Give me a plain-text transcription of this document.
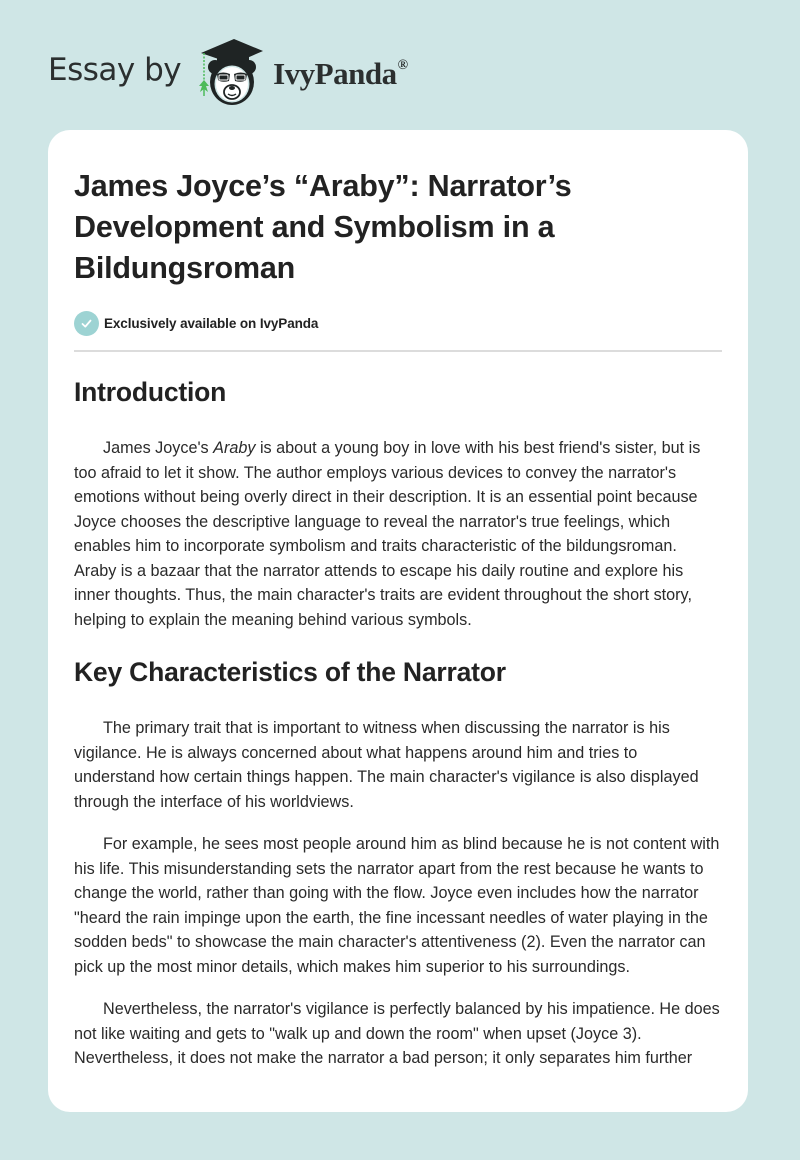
Essay by	IvyPanda®
James Joyce’s “Araby”: Narrator’s Development and Symbolism in a Bildungsroman
Exclusively available on IvyPanda
Introduction

James Joyce's Araby is about a young boy in love with his best friend's sister, but is too afraid to let it show. The author employs various devices to convey the narrator's emotions without being overly direct in their description. It is an essential point because Joyce chooses the descriptive language to reveal the narrator's true feelings, which enables him to incorporate symbolism and traits characteristic of the bildungsroman. Araby is a bazaar that the narrator attends to escape his daily routine and explore his inner thoughts. Thus, the main character's traits are evident throughout the short story, helping to explain the meaning behind various symbols.

Key Characteristics of the Narrator

The primary trait that is important to witness when discussing the narrator is his vigilance. He is always concerned about what happens around him and tries to understand how certain things happen. The main character's vigilance is also displayed through the interface of his worldviews.

For example, he sees most people around him as blind because he is not content with his life. This misunderstanding sets the narrator apart from the rest because he wants to change the world, rather than going with the flow. Joyce even includes how the narrator "heard the rain impinge upon the earth, the fine incessant needles of water playing in the sodden beds" to showcase the main character's attentiveness (2). Even the narrator can pick up the most minor details, which makes him superior to his surroundings.

Nevertheless, the narrator's vigilance is perfectly balanced by his impatience. He does not like waiting and gets to "walk up and down the room" when upset (Joyce 3). Nevertheless, it does not make the narrator a bad person; it only separates him further
